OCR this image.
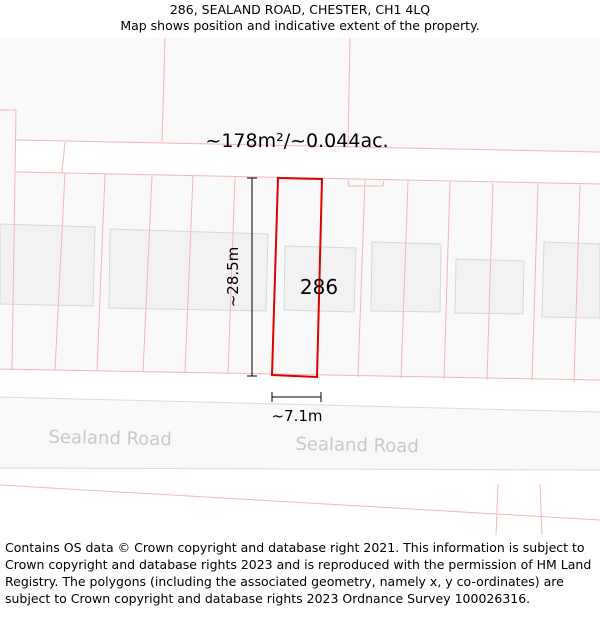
286, SEALAND ROAD, CHESTER, CH1 4LQ
Map shows position and indicative extent of the property.
~178m²/~0.044ac.
~28.5m
~7.1m
286
Sealand Road	Sealand Road
Contains OS data © Crown copyright and database right 2021. This information is subject to Crown copyright and database rights 2023 and is reproduced with the permission of HM Land Registry. The polygons (including the associated geometry, namely x, y co-ordinates) are subject to Crown copyright and database rights 2023 Ordnance Survey 100026316.
